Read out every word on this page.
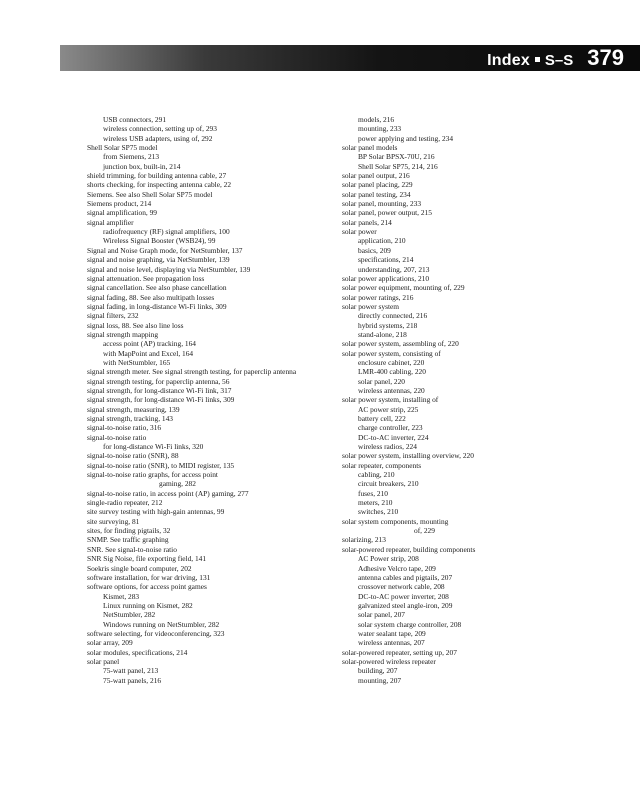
Index S–S 379
USB connectors, 291
wireless connection, setting up of, 293
wireless USB adapters, using of, 292
Shell Solar SP75 model
from Siemens, 213
junction box, built-in, 214
shield trimming, for building antenna cable, 27
shorts checking, for inspecting antenna cable, 22
Siemens. See also Shell Solar SP75 model
Siemens product, 214
signal amplification, 99
signal amplifier
radiofrequency (RF) signal amplifiers, 100
Wireless Signal Booster (WSB24), 99
Signal and Noise Graph mode, for NetStumbler, 137
signal and noise graphing, via NetStumbler, 139
signal and noise level, displaying via NetStumbler, 139
signal attenuation. See propagation loss
signal cancellation. See also phase cancellation
signal fading, 88. See also multipath losses
signal fading, in long-distance Wi-Fi links, 309
signal filters, 232
signal loss, 88. See also line loss
signal strength mapping
access point (AP) tracking, 164
with MapPoint and Excel, 164
with NetStumbler, 165
signal strength meter. See signal strength testing, for paperclip antenna
signal strength testing, for paperclip antenna, 56
signal strength, for long-distance Wi-Fi link, 317
signal strength, for long-distance Wi-Fi links, 309
signal strength, measuring, 139
signal strength, tracking, 143
signal-to-noise ratio, 316
signal-to-noise ratio
for long-distance Wi-Fi links, 320
signal-to-noise ratio (SNR), 88
signal-to-noise ratio (SNR), to MIDI register, 135
signal-to-noise ratio graphs, for access point
gaming, 282
signal-to-noise ratio, in access point (AP) gaming, 277
single-radio repeater, 212
site survey testing with high-gain antennas, 99
site surveying, 81
sites, for finding pigtails, 32
SNMP. See traffic graphing
SNR. See signal-to-noise ratio
SNR Sig Noise, file exporting field, 141
Soekris single board computer, 202
software installation, for war driving, 131
software options, for access point games
Kismet, 283
Linux running on Kismet, 282
NetStumbler, 282
Windows running on NetStumbler, 282
software selecting, for videoconferencing, 323
solar array, 209
solar modules, specifications, 214
solar panel
75-watt panel, 213
75-watt panels, 216
models, 216
mounting, 233
power applying and testing, 234
solar panel models
BP Solar BPSX-70U, 216
Shell Solar SP75, 214, 216
solar panel output, 216
solar panel placing, 229
solar panel testing, 234
solar panel, mounting, 233
solar panel, power output, 215
solar panels, 214
solar power
application, 210
basics, 209
specifications, 214
understanding, 207, 213
solar power applications, 210
solar power equipment, mounting of, 229
solar power ratings, 216
solar power system
directly connected, 216
hybrid systems, 218
stand-alone, 218
solar power system, assembling of, 220
solar power system, consisting of
enclosure cabinet, 220
LMR-400 cabling, 220
solar panel, 220
wireless antennas, 220
solar power system, installing of
AC power strip, 225
battery cell, 222
charge controller, 223
DC-to-AC inverter, 224
wireless radios, 224
solar power system, installing overview, 220
solar repeater, components
cabling, 210
circuit breakers, 210
fuses, 210
meters, 210
switches, 210
solar system components, mounting
of, 229
solarizing, 213
solar-powered repeater, building components
AC Power strip, 208
Adhesive Velcro tape, 209
antenna cables and pigtails, 207
crossover network cable, 208
DC-to-AC power inverter, 208
galvanized steel angle-iron, 209
solar panel, 207
solar system charge controller, 208
water sealant tape, 209
wireless antennas, 207
solar-powered repeater, setting up, 207
solar-powered wireless repeater
building, 207
mounting, 207
